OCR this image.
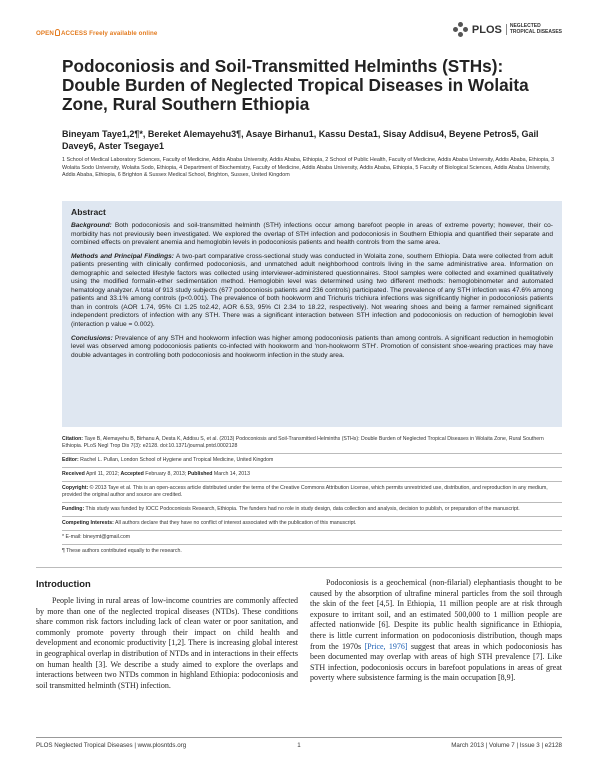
OPEN ACCESS Freely available online	PLOS NEGLECTED
TROPICAL DISEASES
Podoconiosis and Soil-Transmitted Helminths (STHs): Double Burden of Neglected Tropical Diseases in Wolaita Zone, Rural Southern Ethiopia
Bineyam Taye1,2¶*, Bereket Alemayehu3¶, Asaye Birhanu1, Kassu Desta1, Sisay Addisu4, Beyene Petros5, Gail Davey6, Aster Tsegaye1
1 School of Medical Laboratory Sciences, Faculty of Medicine, Addis Ababa University, Addis Ababa, Ethiopia, 2 School of Public Health, Faculty of Medicine, Addis Ababa University, Addis Ababa, Ethiopia, 3 Wolaita Sodo University, Wolaita Sodo, Ethiopia, 4 Department of Biochemistry, Faculty of Medicine, Addis Ababa University, Addis Ababa, Ethiopia, 5 Faculty of Biological Sciences, Addis Ababa University, Addis Ababa, Ethiopia, 6 Brighton & Sussex Medical School, Brighton, Sussex, United Kingdom
Abstract

Background: Both podoconiosis and soil-transmitted helminth (STH) infections occur among barefoot people in areas of extreme poverty; however, their co-morbidity has not previously been investigated. We explored the overlap of STH infection and podoconiosis in Southern Ethiopia and quantified their separate and combined effects on prevalent anemia and hemoglobin levels in podoconiosis patients and health controls from the same area.

Methods and Principal Findings: A two-part comparative cross-sectional study was conducted in Wolaita zone, southern Ethiopia. Data were collected from adult patients presenting with clinically confirmed podoconiosis, and unmatched adult neighborhood controls living in the same administrative area. Information on demographic and selected lifestyle factors was collected using interviewer-administered questionnaires. Stool samples were collected and examined qualitatively using the modified formalin-ether sedimentation method. Hemoglobin level was determined using two different methods: hemoglobinometer and automated hematology analyzer. A total of 913 study subjects (677 podoconiosis patients and 236 controls) participated. The prevalence of any STH infection was 47.6% among patients and 33.1% among controls (p<0.001). The prevalence of both hookworm and Trichuris trichiura infections was significantly higher in podoconiosis patients than in controls (AOR 1.74, 95% CI 1.25 to2.42, AOR 6.53, 95% CI 2.34 to 18.22, respectively). Not wearing shoes and being a farmer remained significant independent predictors of infection with any STH. There was a significant interaction between STH infection and podoconiosis on reduction of hemoglobin level (interaction p value = 0.002).

Conclusions: Prevalence of any STH and hookworm infection was higher among podoconiosis patients than among controls. A significant reduction in hemoglobin level was observed among podoconiosis patients co-infected with hookworm and 'non-hookworm STH'. Promotion of consistent shoe-wearing practices may have double advantages in controlling both podoconiosis and hookworm infection in the study area.

Citation: Taye B, Alemayehu B, Birhanu A, Desta K, Addisu S, et al. (2013) Podoconiosis and Soil-Transmitted Helminths (STHs): Double Burden of Neglected Tropical Diseases in Wolaita Zone, Rural Southern Ethiopia. PLoS Negl Trop Dis 7(3): e2128. doi:10.1371/journal.pntd.0002128
Editor: Rachel L. Pullan, London School of Hygiene and Tropical Medicine, United Kingdom
Received April 11, 2012; Accepted February 8, 2013; Published March 14, 2013
Copyright: © 2013 Taye et al. This is an open-access article distributed under the terms of the Creative Commons Attribution License, which permits unrestricted use, distribution, and reproduction in any medium, provided the original author and source are credited.
Funding: This study was funded by IOCC Podoconiosis Research, Ethiopia. The funders had no role in study design, data collection and analysis, decision to publish, or preparation of the manuscript.
Competing Interests: All authors declare that they have no conflict of interest associated with the publication of this manuscript.
* E-mail: bineymt@gmail.com
¶ These authors contributed equally to the research.
Introduction

People living in rural areas of low-income countries are commonly affected by more than one of the neglected tropical diseases (NTDs). These conditions share common risk factors including lack of clean water or poor sanitation, and commonly promote poverty through their impact on child health and development and economic productivity [1,2]. There is increasing global interest in geographical overlap in distribution of NTDs and in interactions in their effects on human health [3]. We describe a study aimed to explore the overlaps and interactions between two NTDs common in highland Ethiopia: podoconiosis and soil transmitted helminth (STH) infection.

Podoconiosis is a geochemical (non-filarial) elephantiasis thought to be caused by the absorption of ultrafine mineral particles from the soil through the skin of the feet [4,5]. In Ethiopia, 11 million people are at risk through exposure to irritant soil, and an estimated 500,000 to 1 million people are affected nationwide [6]. Despite its public health significance in Ethiopia, there is little current information on podoconiosis distribution, though maps from the 1970s [Price, 1976] suggest that areas in which podoconiosis has been documented may overlap with areas of high STH prevalence [7]. Like STH infection, podoconiosis occurs in barefoot populations in areas of great poverty where subsistence farming is the main occupation [8,9].

PLOS Neglected Tropical Diseases | www.plosntds.org	1	March 2013 | Volume 7 | Issue 3 | e2128
